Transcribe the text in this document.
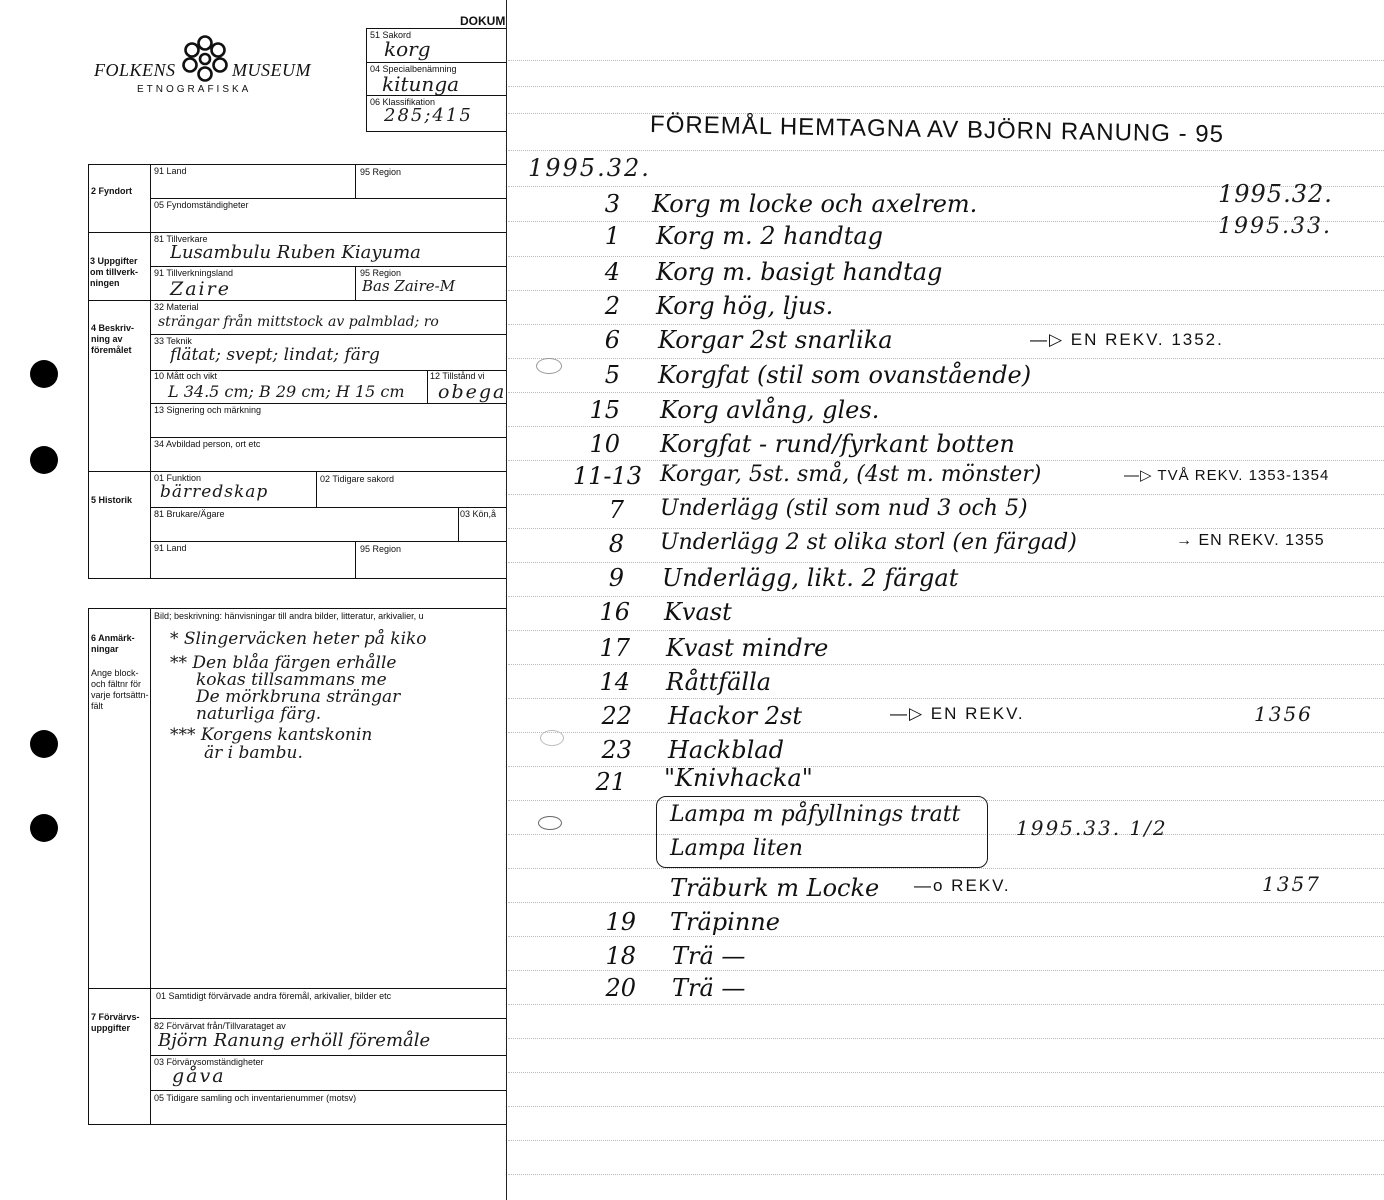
FOLKENS	MUSEUM
ETNOGRAFISKA
DOKUM
51 Sakord
korg
04 Specialbenämning
kitunga
06 Klassifikation
285;415
2 Fyndort
3 Uppgifter om tillverk-ningen
4 Beskriv-ning av föremålet
5 Historik
91 Land	95 Region
05 Fyndomständigheter
81 Tillverkare
Lusambulu Ruben Kiayuma
91 Tillverkningsland
Zaire
95 Region
Bas Zaire-M
32 Material
strängar från mittstock av palmblad; ro
33 Teknik
flätat; svept; lindat; färg
10 Mått och vikt
L 34.5 cm; B 29 cm; H 15 cm
12 Tillstånd vi
obega
13 Signering och märkning
34 Avbildad person, ort etc
01 Funktion
bärredskap
02 Tidigare sakord
81 Brukare/Ägare	03 Kön,å
91 Land	95 Region
6 Anmärk-ningar
Ange block- och fältnr för varje fortsättn-fält
7 Förvärvs-uppgifter
Bild; beskrivning: hänvisningar till andra bilder, litteratur, arkivalier, u
* Slingerväcken heter på kiko
** Den blåa färgen erhålle
kokas tillsammans me
De mörkbruna strängar
naturliga färg.
*** Korgens kantskonin
är i bambu.
01 Samtidigt förvärvade andra föremål, arkivalier, bilder etc
82 Förvärvat från/Tillvarataget av
Björn Ranung erhöll föremåle
03 Förvärvsomständigheter
gåva
05 Tidigare samling och inventarienummer (motsv)
FÖREMÅL HEMTAGNA AV BJÖRN RANUNG - 95
1995.32.
1995.32.
1995.33.
3 Korg m locke och axelrem.
1 Korg m. 2 handtag
4 Korg m. basigt handtag
2 Korg hög, ljus.
6 Korgar 2st snarlika	—▷ EN REKV. 1352.
5 Korgfat (stil som ovanstående)
15 Korg avlång, gles.
10 Korgfat - rund/fyrkant botten
11-13 Korgar, 5st. små, (4st m. mönster)	—▷ TVÅ REKV. 1353-1354
7 Underlägg (stil som nud 3 och 5)
8 Underlägg 2 st olika storl (en färgad)	→ EN REKV. 1355
9 Underlägg, likt. 2 färgat
16 Kvast
17 Kvast mindre
14 Råttfälla
22 Hackor 2st	—▷ EN REKV.	1356
23 Hackblad
21 "Knivhacka"
Lampa m påfyllnings tratt
Lampa liten
1995.33. 1/2
Träburk m Locke —o REKV.	1357
19 Träpinne
18 Trä —
20 Trä —
